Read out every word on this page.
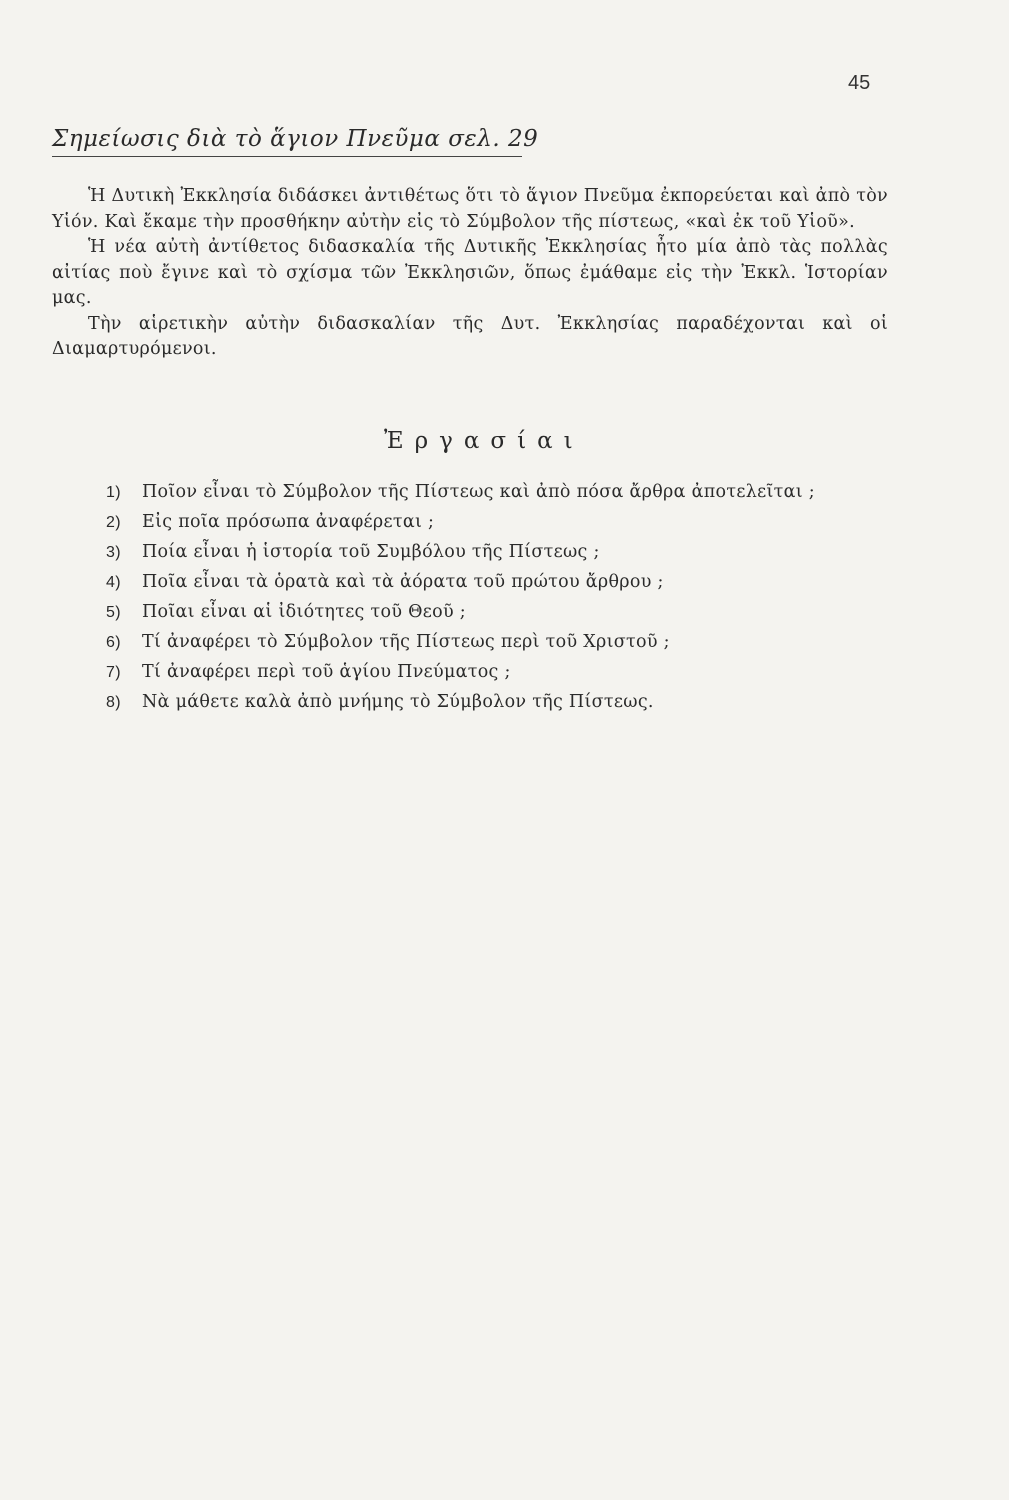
45
Σημείωσις διὰ τὸ ἅγιον Πνεῦμα σελ. 29

Ἡ Δυτικὴ Ἐκκλησία διδάσκει ἀντιθέτως ὅτι τὸ ἅγιον Πνεῦμα ἐκπορεύεται καὶ ἀπὸ τὸν Υἱόν. Καὶ ἔκαμε τὴν προσθήκην αὐτὴν εἰς τὸ Σύμβολον τῆς πίστεως, «καὶ ἐκ τοῦ Υἱοῦ».

Ἡ νέα αὐτὴ ἀντίθετος διδασκαλία τῆς Δυτικῆς Ἐκκλησίας ἦτο μία ἀπὸ τὰς πολλὰς αἰτίας ποὺ ἔγινε καὶ τὸ σχίσμα τῶν Ἐκκλησιῶν, ὅπως ἐμάθαμε εἰς τὴν Ἐκκλ. Ἱστορίαν μας.

Τὴν αἱρετικὴν αὐτὴν διδασκαλίαν τῆς Δυτ. Ἐκκλησίας παραδέχονται καὶ οἱ Διαμαρτυρόμενοι.

Ἐργασίαι
1)	Ποῖον εἶναι τὸ Σύμβολον τῆς Πίστεως καὶ ἀπὸ πόσα ἄρθρα ἀποτελεῖται ;
2)	Εἰς ποῖα πρόσωπα ἀναφέρεται ;
3)	Ποία εἶναι ἡ ἱστορία τοῦ Συμβόλου τῆς Πίστεως ;
4)	Ποῖα εἶναι τὰ ὁρατὰ καὶ τὰ ἀόρατα τοῦ πρώτου ἄρθρου ;
5)	Ποῖαι εἶναι αἱ ἰδιότητες τοῦ Θεοῦ ;
6)	Τί ἀναφέρει τὸ Σύμβολον τῆς Πίστεως περὶ τοῦ Χριστοῦ ;
7)	Τί ἀναφέρει περὶ τοῦ ἁγίου Πνεύματος ;
8)	Νὰ μάθετε καλὰ ἀπὸ μνήμης τὸ Σύμβολον τῆς Πίστεως.
